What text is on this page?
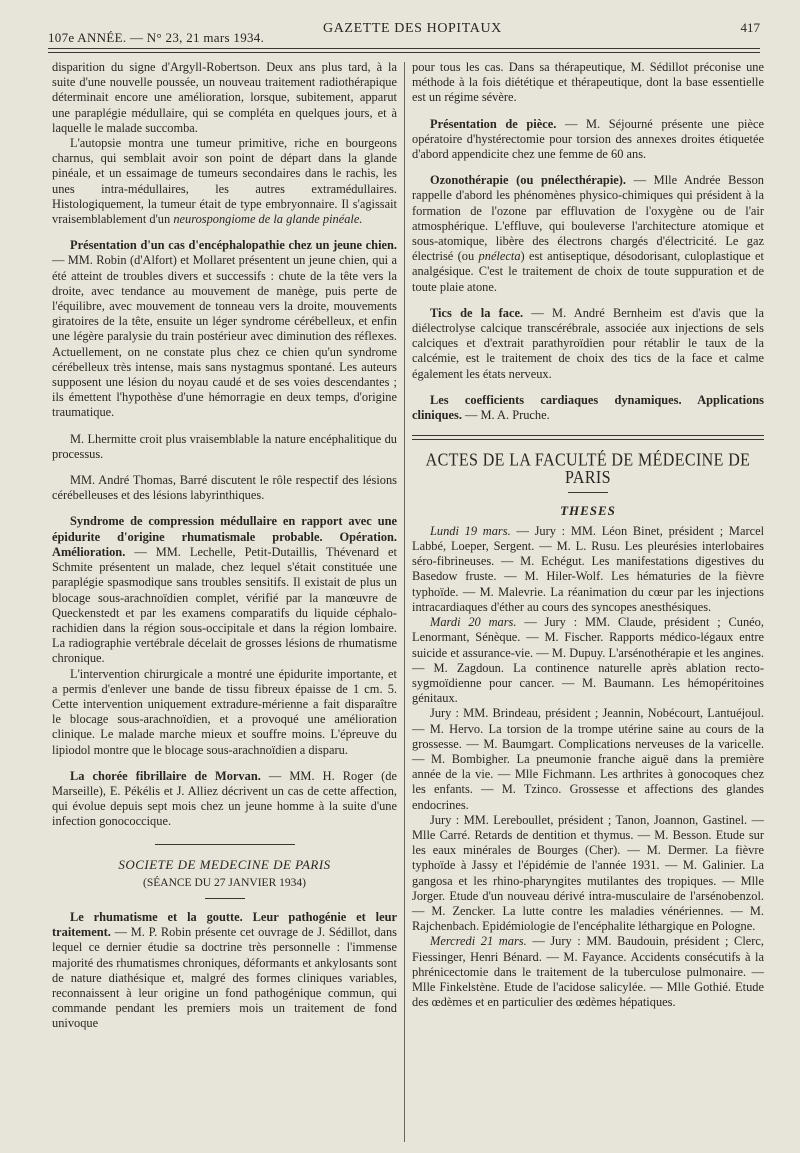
107e ANNÉE. — N° 23, 21 mars 1934.
GAZETTE DES HOPITAUX	417

disparition du signe d'Argyll-Robertson. Deux ans plus tard, à la suite d'une nouvelle poussée, un nouveau traitement radiothérapique déterminait encore une amélioration, lorsque, subitement, apparut une paraplégie médullaire, qui se compléta en quelques jours, et à laquelle le malade succomba.

L'autopsie montra une tumeur primitive, riche en bourgeons charnus, qui semblait avoir son point de départ dans la glande pinéale, et un essaimage de tumeurs secondaires dans le rachis, les unes intra-médullaires, les autres extramédullaires. Histologiquement, la tumeur était de type embryonnaire. Il s'agissait vraisemblablement d'un neurospongiome de la glande pinéale.

Présentation d'un cas d'encéphalopathie chez un jeune chien. — MM. Robin (d'Alfort) et Mollaret présentent un jeune chien, qui a été atteint de troubles divers et successifs : chute de la tête vers la droite, avec tendance au mouvement de manège, puis perte de l'équilibre, avec mouvement de tonneau vers la droite, mouvements giratoires de la tête, ensuite un léger syndrome cérébelleux, et enfin une légère paralysie du train postérieur avec diminution des réflexes. Actuellement, on ne constate plus chez ce chien qu'un syndrome cérébelleux très intense, mais sans nystagmus spontané. Les auteurs supposent une lésion du noyau caudé et de ses voies descendantes ; ils émettent l'hypothèse d'une hémorragie en deux temps, d'origine traumatique.

M. Lhermitte croit plus vraisemblable la nature encéphalitique du processus.

MM. André Thomas, Barré discutent le rôle respectif des lésions cérébelleuses et des lésions labyrinthiques.

Syndrome de compression médullaire en rapport avec une épidurite d'origine rhumatismale probable. Opération. Amélioration. — MM. Lechelle, Petit-Dutaillis, Thévenard et Schmite présentent un malade, chez lequel s'était constituée une paraplégie spasmodique sans troubles sensitifs. Il existait de plus un blocage sous-arachnoïdien complet, vérifié par la manœuvre de Queckenstedt et par les examens comparatifs du liquide céphalo-rachidien dans la région sous-occipitale et dans la région lombaire. La radiographie vertébrale décelait de grosses lésions de rhumatisme chronique.

L'intervention chirurgicale a montré une épidurite importante, et a permis d'enlever une bande de tissu fibreux épaisse de 1 cm. 5. Cette intervention uniquement extradure-mérienne a fait disparaître le blocage sous-arachnoïdien, et a provoqué une amélioration clinique. Le malade marche mieux et souffre moins. L'épreuve du lipiodol montre que le blocage sous-arachnoïdien a disparu.

La chorée fibrillaire de Morvan. — MM. H. Roger (de Marseille), E. Pékélis et J. Alliez décrivent un cas de cette affection, qui évolue depuis sept mois chez un jeune homme à la suite d'une infection gonococcique.

SOCIETE DE MEDECINE DE PARIS

(SÉANCE DU 27 JANVIER 1934)

Le rhumatisme et la goutte. Leur pathogénie et leur traitement. — M. P. Robin présente cet ouvrage de J. Sédillot, dans lequel ce dernier étudie sa doctrine très personnelle : l'immense majorité des rhumatismes chroniques, déformants et ankylosants sont de nature diathésique et, malgré des formes cliniques variables, reconnaissent à leur origine un fond pathogénique commun, qui commande pendant les premiers mois un traitement de fond univoque

pour tous les cas. Dans sa thérapeutique, M. Sédillot préconise une méthode à la fois diététique et thérapeutique, dont la base essentielle est un régime sévère.

Présentation de pièce. — M. Séjourné présente une pièce opératoire d'hystérectomie pour torsion des annexes droites étiquetée d'abord appendicite chez une femme de 60 ans.

Ozonothérapie (ou pnélecthérapie). — Mlle Andrée Besson rappelle d'abord les phénomènes physico-chimiques qui président à la formation de l'ozone par effluvation de l'oxygène ou de l'air atmosphérique. L'effluve, qui bouleverse l'architecture atomique et sous-atomique, libère des électrons chargés d'électricité. Le gaz électrisé (ou pnélecta) est antiseptique, désodorisant, culoplastique et analgésique. C'est le traitement de choix de toute suppuration et de toute plaie atone.

Tics de la face. — M. André Bernheim est d'avis que la diélectrolyse calcique transcérébrale, associée aux injections de sels calciques et d'extrait parathyroïdien pour rétablir le taux de la calcémie, est le traitement de choix des tics de la face et calme également les états nerveux.

Les coefficients cardiaques dynamiques. Applications cliniques. — M. A. Pruche.

ACTES DE LA FACULTÉ DE MÉDECINE DE PARIS

THESES

Lundi 19 mars. — Jury : MM. Léon Binet, président ; Marcel Labbé, Loeper, Sergent. — M. L. Rusu. Les pleurésies interlobaires séro-fibrineuses. — M. Echégut. Les manifestations digestives du Basedow fruste. — M. Hiler-Wolf. Les hématuries de la fièvre typhoïde. — M. Malevrie. La réanimation du cœur par les injections intracardiaques d'éther au cours des syncopes anesthésiques.

Mardi 20 mars. — Jury : MM. Claude, président ; Cunéo, Lenormant, Sénèque. — M. Fischer. Rapports médico-légaux entre suicide et assurance-vie. — M. Dupuy. L'arsénothérapie et les angines. — M. Zagdoun. La continence naturelle après ablation recto-sygmoïdienne pour cancer. — M. Baumann. Les hémopéritoines génitaux.

Jury : MM. Brindeau, président ; Jeannin, Nobécourt, Lantuéjoul. — M. Hervo. La torsion de la trompe utérine saine au cours de la grossesse. — M. Baumgart. Complications nerveuses de la varicelle. — M. Bombigher. La pneumonie franche aiguë dans la première année de la vie. — Mlle Fichmann. Les arthrites à gonocoques chez les enfants. — M. Tzinco. Grossesse et affections des glandes endocrines.

Jury : MM. Lereboullet, président ; Tanon, Joannon, Gastinel. — Mlle Carré. Retards de dentition et thymus. — M. Besson. Etude sur les eaux minérales de Bourges (Cher). — M. Dermer. La fièvre typhoïde à Jassy et l'épidémie de l'année 1931. — M. Galinier. La gangosa et les rhino-pharyngites mutilantes des tropiques. — Mlle Jorger. Etude d'un nouveau dérivé intra-musculaire de l'arsénobenzol. — M. Zencker. La lutte contre les maladies vénériennes. — M. Rajchenbach. Epidémiologie de l'encéphalite léthargique en Pologne.

Mercredi 21 mars. — Jury : MM. Baudouin, président ; Clerc, Fiessinger, Henri Bénard. — M. Fayance. Accidents consécutifs à la phrénicectomie dans le traitement de la tuberculose pulmonaire. — Mlle Finkelstène. Etude de l'acidose salicylée. — Mlle Gothié. Etude des œdèmes et en particulier des œdèmes hépatiques.
